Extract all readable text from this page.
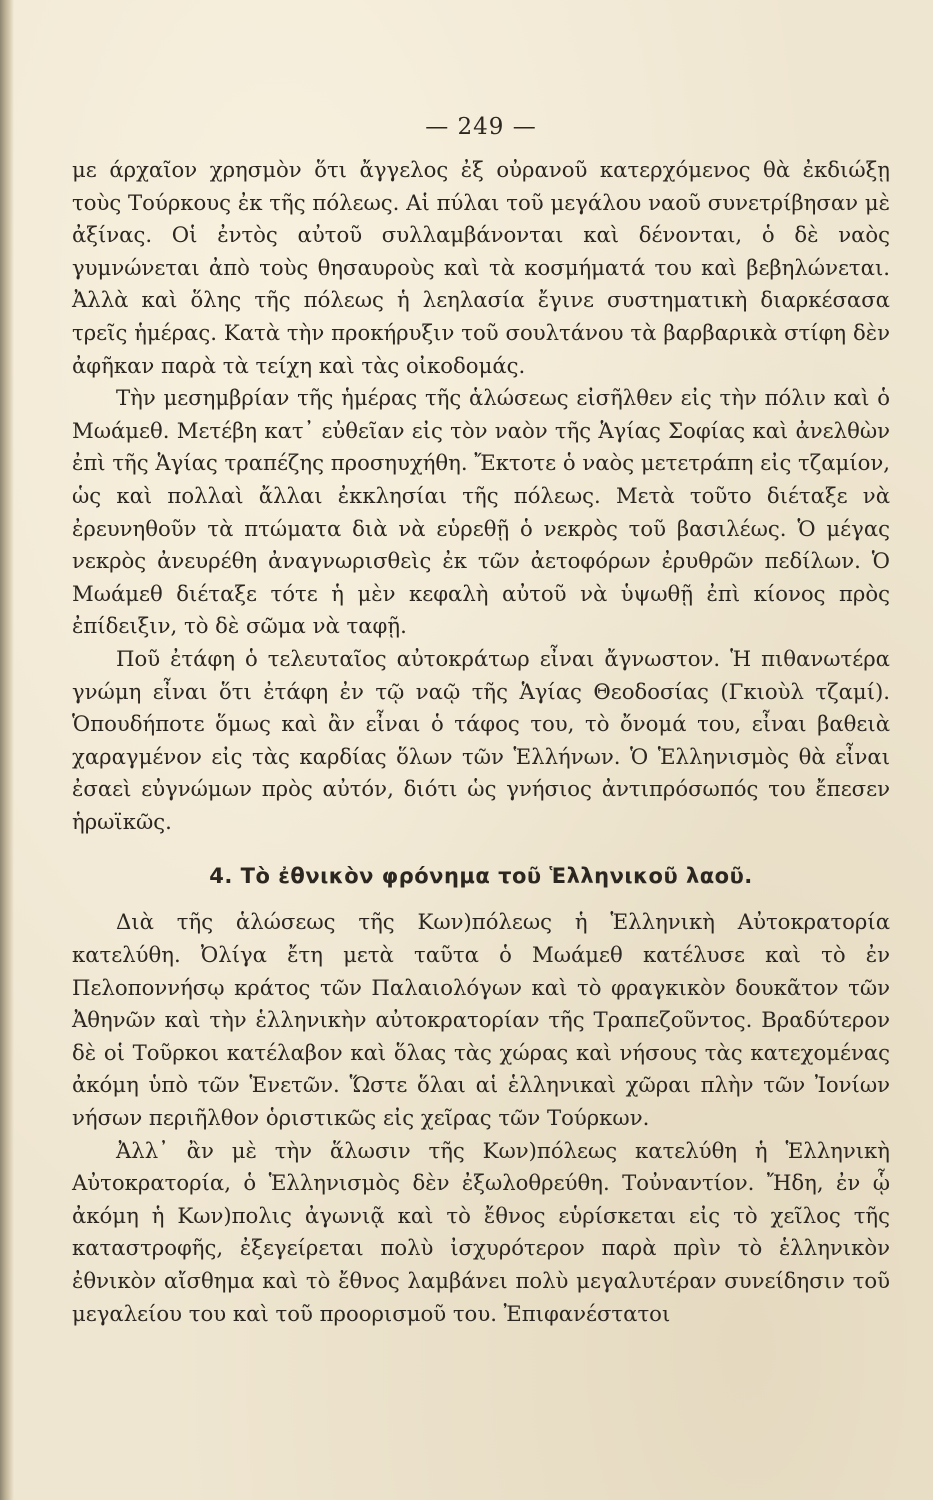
— 249 —

με άρχαῖον χρησμὸν ὅτι ἄγγελος ἐξ οὐρανοῦ κατερχόμενος θὰ ἐκδιώξῃ τοὺς Τούρκους ἐκ τῆς πόλεως. Αἱ πύλαι τοῦ μεγάλου ναοῦ συνετρίβησαν μὲ ἀξίνας. Οἱ ἐντὸς αὐτοῦ συλλαμβάνονται καὶ δένονται, ὁ δὲ ναὸς γυμνώνεται ἀπὸ τοὺς θησαυροὺς καὶ τὰ κοσμήματά του καὶ βεβηλώνεται. Ἀλλὰ καὶ ὅλης τῆς πόλεως ἡ λεηλασία ἔγινε συστηματικὴ διαρκέσασα τρεῖς ἡμέρας. Κατὰ τὴν προκήρυξιν τοῦ σουλτάνου τὰ βαρβαρικὰ στίφη δὲν ἀφῆκαν παρὰ τὰ τείχη καὶ τὰς οἰκοδομάς.

Τὴν μεσημβρίαν τῆς ἡμέρας τῆς ἁλώσεως εἰσῆλθεν εἰς τὴν πόλιν καὶ ὁ Μωάμεθ. Μετέβη κατ᾿ εὐθεῖαν εἰς τὸν ναὸν τῆς Ἁγίας Σοφίας καὶ ἀνελθὼν ἐπὶ τῆς Ἁγίας τραπέζης προσηυχήθη. Ἔκτοτε ὁ ναὸς μετετράπη εἰς τζαμίον, ὡς καὶ πολλαὶ ἄλλαι ἐκκλησίαι τῆς πόλεως. Μετὰ τοῦτο διέταξε νὰ ἐρευνηθοῦν τὰ πτώματα διὰ νὰ εὑρεθῇ ὁ νεκρὸς τοῦ βασιλέως. Ὁ μέγας νεκρὸς ἀνευρέθη ἀναγνωρισθεὶς ἐκ τῶν ἀετοφόρων ἐρυθρῶν πεδίλων. Ὁ Μωάμεθ διέταξε τότε ἡ μὲν κεφαλὴ αὐτοῦ νὰ ὑψωθῇ ἐπὶ κίονος πρὸς ἐπίδειξιν, τὸ δὲ σῶμα νὰ ταφῇ.

Ποῦ ἐτάφη ὁ τελευταῖος αὐτοκράτωρ εἶναι ἄγνωστον. Ἡ πιθανωτέρα γνώμη εἶναι ὅτι ἐτάφη ἐν τῷ ναῷ τῆς Ἁγίας Θεοδοσίας (Γκιοὺλ τζαμί). Ὁπουδήποτε ὅμως καὶ ἂν εἶναι ὁ τάφος του, τὸ ὄνομά του, εἶναι βαθειὰ χαραγμένον εἰς τὰς καρδίας ὅλων τῶν Ἑλλήνων. Ὁ Ἑλληνισμὸς θὰ εἶναι ἐσαεὶ εὐγνώμων πρὸς αὐτόν, διότι ὡς γνήσιος ἀντιπρόσωπός του ἔπεσεν ἡρωϊκῶς.

4. Τὸ ἐθνικὸν φρόνημα τοῦ Ἑλληνικοῦ λαοῦ.

Διὰ τῆς ἁλώσεως τῆς Κων)πόλεως ἡ Ἑλληνικὴ Αὐτοκρατορία κατελύθη. Ὀλίγα ἔτη μετὰ ταῦτα ὁ Μωάμεθ κατέλυσε καὶ τὸ ἐν Πελοποννήσῳ κράτος τῶν Παλαιολόγων καὶ τὸ φραγκικὸν δουκᾶτον τῶν Ἀθηνῶν καὶ τὴν ἑλληνικὴν αὐτοκρατορίαν τῆς Τραπεζοῦντος. Βραδύτερον δὲ οἱ Τοῦρκοι κατέλαβον καὶ ὅλας τὰς χώρας καὶ νήσους τὰς κατεχομένας ἀκόμη ὑπὸ τῶν Ἑνετῶν. Ὥστε ὅλαι αἱ ἑλληνικαὶ χῶραι πλὴν τῶν Ἰονίων νήσων περιῆλθον ὁριστικῶς εἰς χεῖρας τῶν Τούρκων.

Ἀλλ᾿ ἂν μὲ τὴν ἅλωσιν τῆς Κων)πόλεως κατελύθη ἡ Ἑλληνικὴ Αὐτοκρατορία, ὁ Ἑλληνισμὸς δὲν ἐξωλοθρεύθη. Τοὐναντίον. Ἤδη, ἐν ᾧ ἀκόμη ἡ Κων)πολις ἀγωνιᾷ καὶ τὸ ἔθνος εὑρίσκεται εἰς τὸ χεῖλος τῆς καταστροφῆς, ἐξεγείρεται πολὺ ἰσχυρότερον παρὰ πρὶν τὸ ἑλληνικὸν ἐθνικὸν αἴσθημα καὶ τὸ ἔθνος λαμβάνει πολὺ μεγαλυτέραν συνείδησιν τοῦ μεγαλείου του καὶ τοῦ προορισμοῦ του. Ἐπιφανέστατοι
